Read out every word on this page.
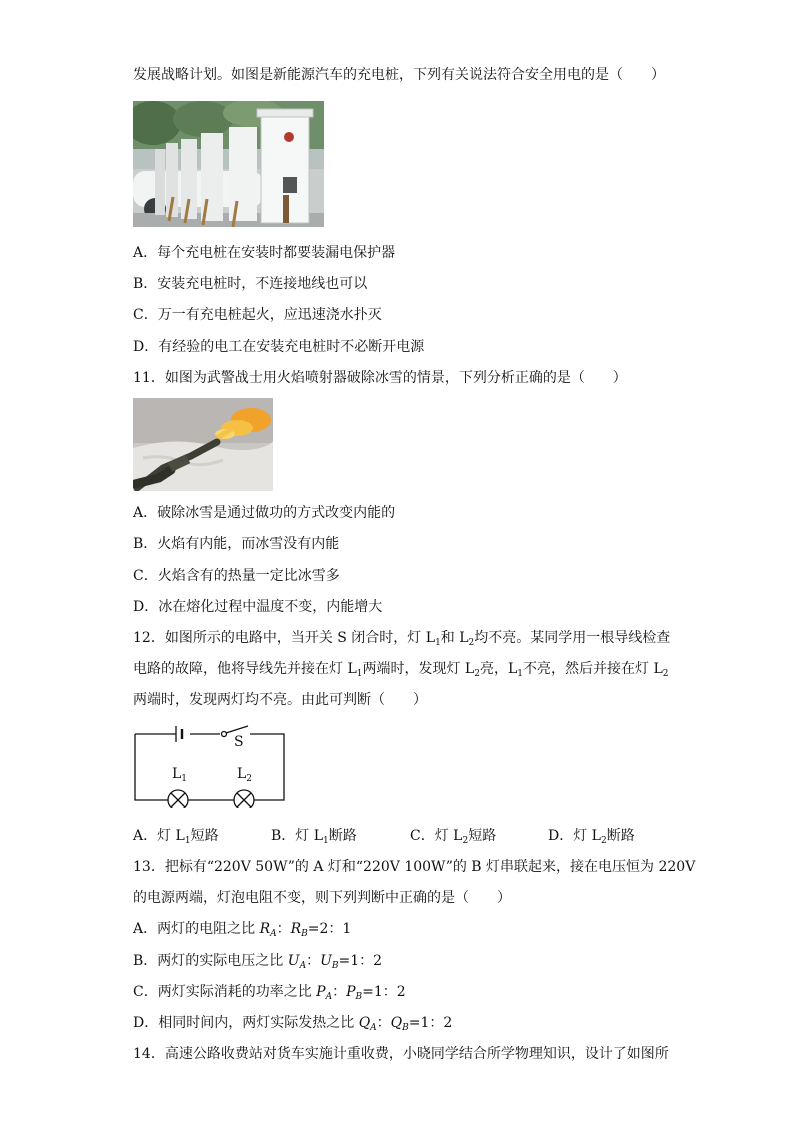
发展战略计划。如图是新能源汽车的充电桩，下列有关说法符合安全用电的是（　　）
A．每个充电桩在安装时都要装漏电保护器
B．安装充电桩时，不连接地线也可以
C．万一有充电桩起火，应迅速浇水扑灭
D．有经验的电工在安装充电桩时不必断开电源
11．如图为武警战士用火焰喷射器破除冰雪的情景，下列分析正确的是（　　）
A．破除冰雪是通过做功的方式改变内能的
B．火焰有内能，而冰雪没有内能
C．火焰含有的热量一定比冰雪多
D．冰在熔化过程中温度不变，内能增大
12．如图所示的电路中，当开关 S 闭合时，灯 $L_1$和 $L_2$均不亮。某同学用一根导线检查
电路的故障，他将导线先并接在灯 $L_1$两端时，发现灯 $L_2$亮，$L_1$不亮，然后并接在灯 $L_2$
两端时，发现两灯均不亮。由此可判断（　　）
S
$L_1$	$L_2$
A．灯 $L_1$短路	B．灯 $L_1$断路	C．灯 $L_2$短路	D．灯 $L_2$断路
13．把标有“220V 50W”的 A 灯和“220V 100W”的 B 灯串联起来，接在电压恒为 220V
的电源两端，灯泡电阻不变，则下列判断中正确的是（　　）
A．两灯的电阻之比 $R_A$：$R_B=2$：1
B．两灯的实际电压之比 $U_A$：$U_B=1$：2
C．两灯实际消耗的功率之比 $P_A$：$P_B=1$：2
D．相同时间内，两灯实际发热之比 $Q_A$：$Q_B=1$：2
14．高速公路收费站对货车实施计重收费，小晓同学结合所学物理知识，设计了如图所
